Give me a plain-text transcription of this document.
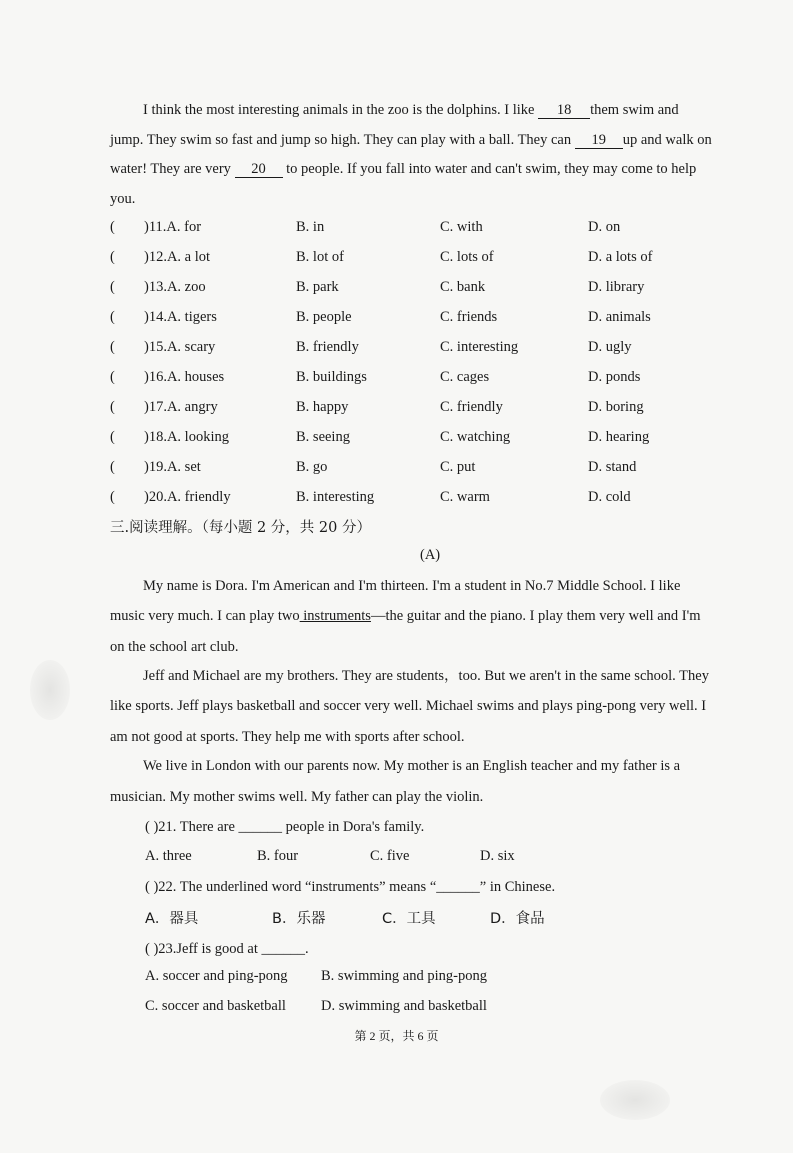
I think the most interesting animals in the zoo is the dolphins. I like 18 them swim and
jump. They swim so fast and jump so high. They can play with a ball. They can 19 up and walk on
water! They are very 20 to people. If you fall into water and can't swim, they may come to help
you.
( )11.A. for	B. in	C. with	D. on
( )12.A. a lot	B. lot of	C. lots of	D. a lots of
( )13.A. zoo	B. park	C. bank	D. library
( )14.A. tigers	B. people	C. friends	D. animals
( )15.A. scary	B. friendly	C. interesting	D. ugly
( )16.A. houses	B. buildings	C. cages	D. ponds
( )17.A. angry	B. happy	C. friendly	D. boring
( )18.A. looking	B. seeing	C. watching	D. hearing
( )19.A. set	B. go	C. put	D. stand
( )20.A. friendly	B. interesting	C. warm	D. cold
三.阅读理解。（每小题 2 分，共 20 分）
(A)
My name is Dora. I'm American and I'm thirteen. I'm a student in No.7 Middle School. I like
music very much. I can play two instruments—the guitar and the piano. I play them very well and I'm
on the school art club.
Jeff and Michael are my brothers. They are students，too. But we aren't in the same school. They
like sports. Jeff plays basketball and soccer very well. Michael swims and plays ping-pong very well. I
am not good at sports. They help me with sports after school.
We live in London with our parents now. My mother is an English teacher and my father is a
musician. My mother swims well. My father can play the violin.
( )21. There are ______ people in Dora's family.
A. three	B. four	C. five	D. six
( )22. The underlined word “instruments” means “______” in Chinese.
A．器具	B．乐器	C．工具	D．食品
( )23.Jeff is good at ______.
A. soccer and ping-pong B. swimming and ping-pong
C. soccer and basketball D. swimming and basketball
第 2 页，共 6 页
